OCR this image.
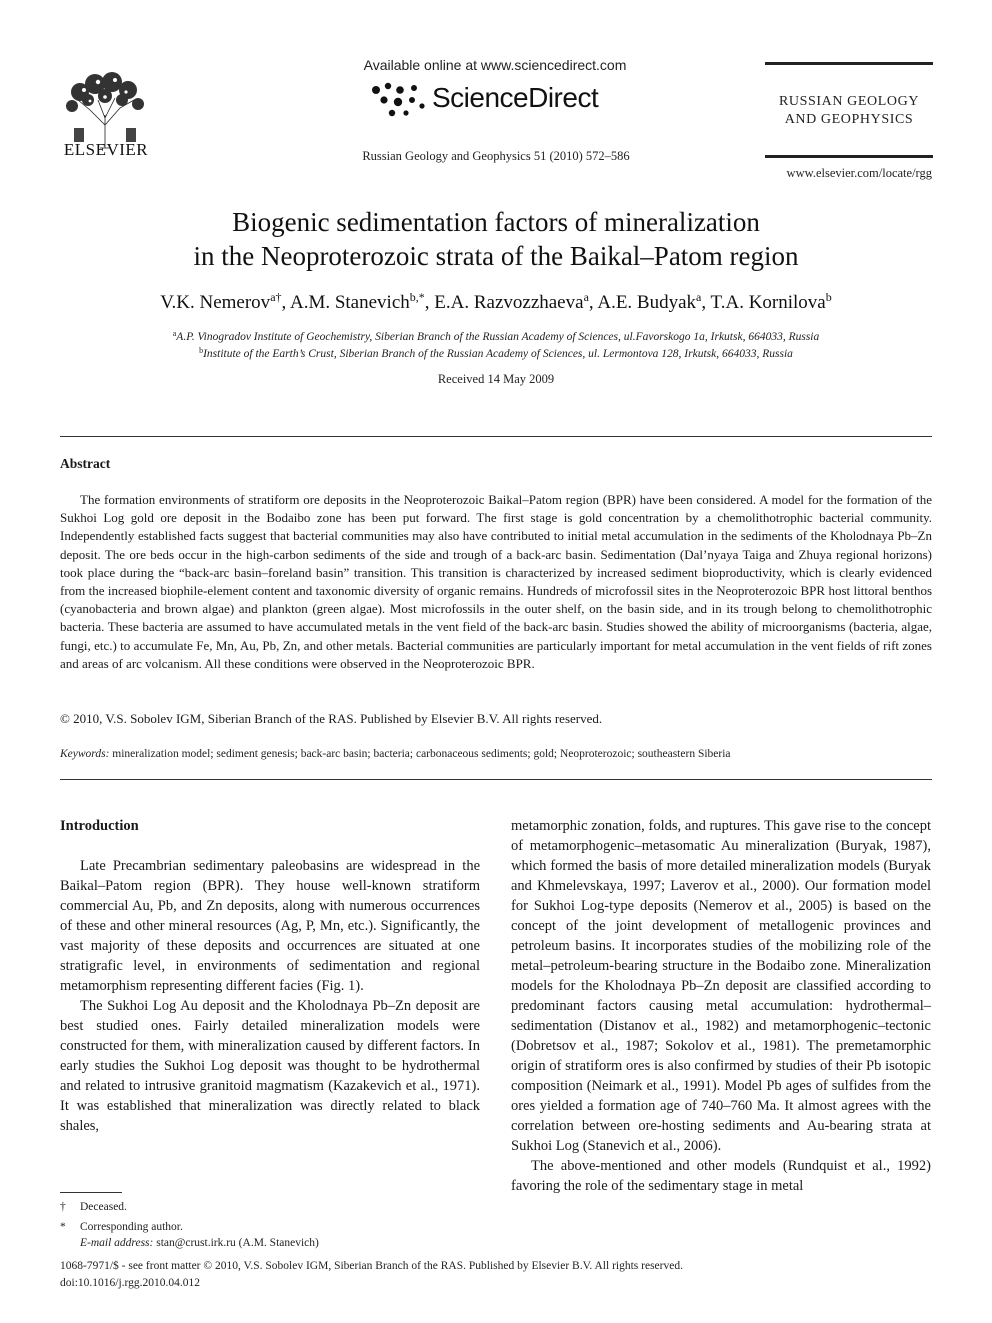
ELSEVIER
Available online at www.sciencedirect.com
ScienceDirect
Russian Geology and Geophysics 51 (2010) 572–586
RUSSIAN GEOLOGY
AND GEOPHYSICS
www.elsevier.com/locate/rgg
Biogenic sedimentation factors of mineralization
in the Neoproterozoic strata of the Baikal–Patom region
V.K. Nemerov$^{a\dagger}$, A.M. Stanevich$^{b,*}$, E.A. Razvozzhaeva$^a$, A.E. Budyak$^a$, T.A. Kornilova$^b$
$^a$A.P. Vinogradov Institute of Geochemistry, Siberian Branch of the Russian Academy of Sciences, ul.Favorskogo 1a, Irkutsk, 664033, Russia
$^b$Institute of the Earth’s Crust, Siberian Branch of the Russian Academy of Sciences, ul. Lermontova 128, Irkutsk, 664033, Russia
Received 14 May 2009
Abstract
The formation environments of stratiform ore deposits in the Neoproterozoic Baikal–Patom region (BPR) have been considered. A model for the formation of the Sukhoi Log gold ore deposit in the Bodaibo zone has been put forward. The first stage is gold concentration by a chemolithotrophic bacterial community. Independently established facts suggest that bacterial communities may also have contributed to initial metal accumulation in the sediments of the Kholodnaya Pb–Zn deposit. The ore beds occur in the high-carbon sediments of the side and trough of a back-arc basin. Sedimentation (Dal’nyaya Taiga and Zhuya regional horizons) took place during the “back-arc basin–foreland basin” transition. This transition is characterized by increased sediment bioproductivity, which is clearly evidenced from the increased biophile-element content and taxonomic diversity of organic remains. Hundreds of microfossil sites in the Neoproterozoic BPR host littoral benthos (cyanobacteria and brown algae) and plankton (green algae). Most microfossils in the outer shelf, on the basin side, and in its trough belong to chemolithotrophic bacteria. These bacteria are assumed to have accumulated metals in the vent field of the back-arc basin. Studies showed the ability of microorganisms (bacteria, algae, fungi, etc.) to accumulate Fe, Mn, Au, Pb, Zn, and other metals. Bacterial communities are particularly important for metal accumulation in the vent fields of rift zones and areas of arc volcanism. All these conditions were observed in the Neoproterozoic BPR.
© 2010, V.S. Sobolev IGM, Siberian Branch of the RAS. Published by Elsevier B.V. All rights reserved.
Keywords: mineralization model; sediment genesis; back-arc basin; bacteria; carbonaceous sediments; gold; Neoproterozoic; southeastern Siberia
Introduction

Late Precambrian sedimentary paleobasins are widespread in the Baikal–Patom region (BPR). They house well-known stratiform commercial Au, Pb, and Zn deposits, along with numerous occurrences of these and other mineral resources (Ag, P, Mn, etc.). Significantly, the vast majority of these deposits and occurrences are situated at one stratigrafic level, in environments of sedimentation and regional metamorphism representing different facies (Fig. 1).

The Sukhoi Log Au deposit and the Kholodnaya Pb–Zn deposit are best studied ones. Fairly detailed mineralization models were constructed for them, with mineralization caused by different factors. In early studies the Sukhoi Log deposit was thought to be hydrothermal and related to intrusive granitoid magmatism (Kazakevich et al., 1971). It was established that mineralization was directly related to black shales,

metamorphic zonation, folds, and ruptures. This gave rise to the concept of metamorphogenic–metasomatic Au mineralization (Buryak, 1987), which formed the basis of more detailed mineralization models (Buryak and Khmelevskaya, 1997; Laverov et al., 2000). Our formation model for Sukhoi Log-type deposits (Nemerov et al., 2005) is based on the concept of the joint development of metallogenic provinces and petroleum basins. It incorporates studies of the mobilizing role of the metal–petroleum-bearing structure in the Bodaibo zone. Mineralization models for the Kholodnaya Pb–Zn deposit are classified according to predominant factors causing metal accumulation: hydrothermal–sedimentation (Distanov et al., 1982) and metamorphogenic–tectonic (Dobretsov et al., 1987; Sokolov et al., 1981). The premetamorphic origin of stratiform ores is also confirmed by studies of their Pb isotopic composition (Neimark et al., 1991). Model Pb ages of sulfides from the ores yielded a formation age of 740–760 Ma. It almost agrees with the correlation between ore-hosting sediments and Au-bearing strata at Sukhoi Log (Stanevich et al., 2006).

The above-mentioned and other models (Rundquist et al., 1992) favoring the role of the sedimentary stage in metal

† Deceased.
* Corresponding author.
E-mail address: stan@crust.irk.ru (A.M. Stanevich)
1068-7971/$ - see front matter © 2010, V.S. Sobolev IGM, Siberian Branch of the RAS. Published by Elsevier B.V. All rights reserved.
doi:10.1016/j.rgg.2010.04.012
